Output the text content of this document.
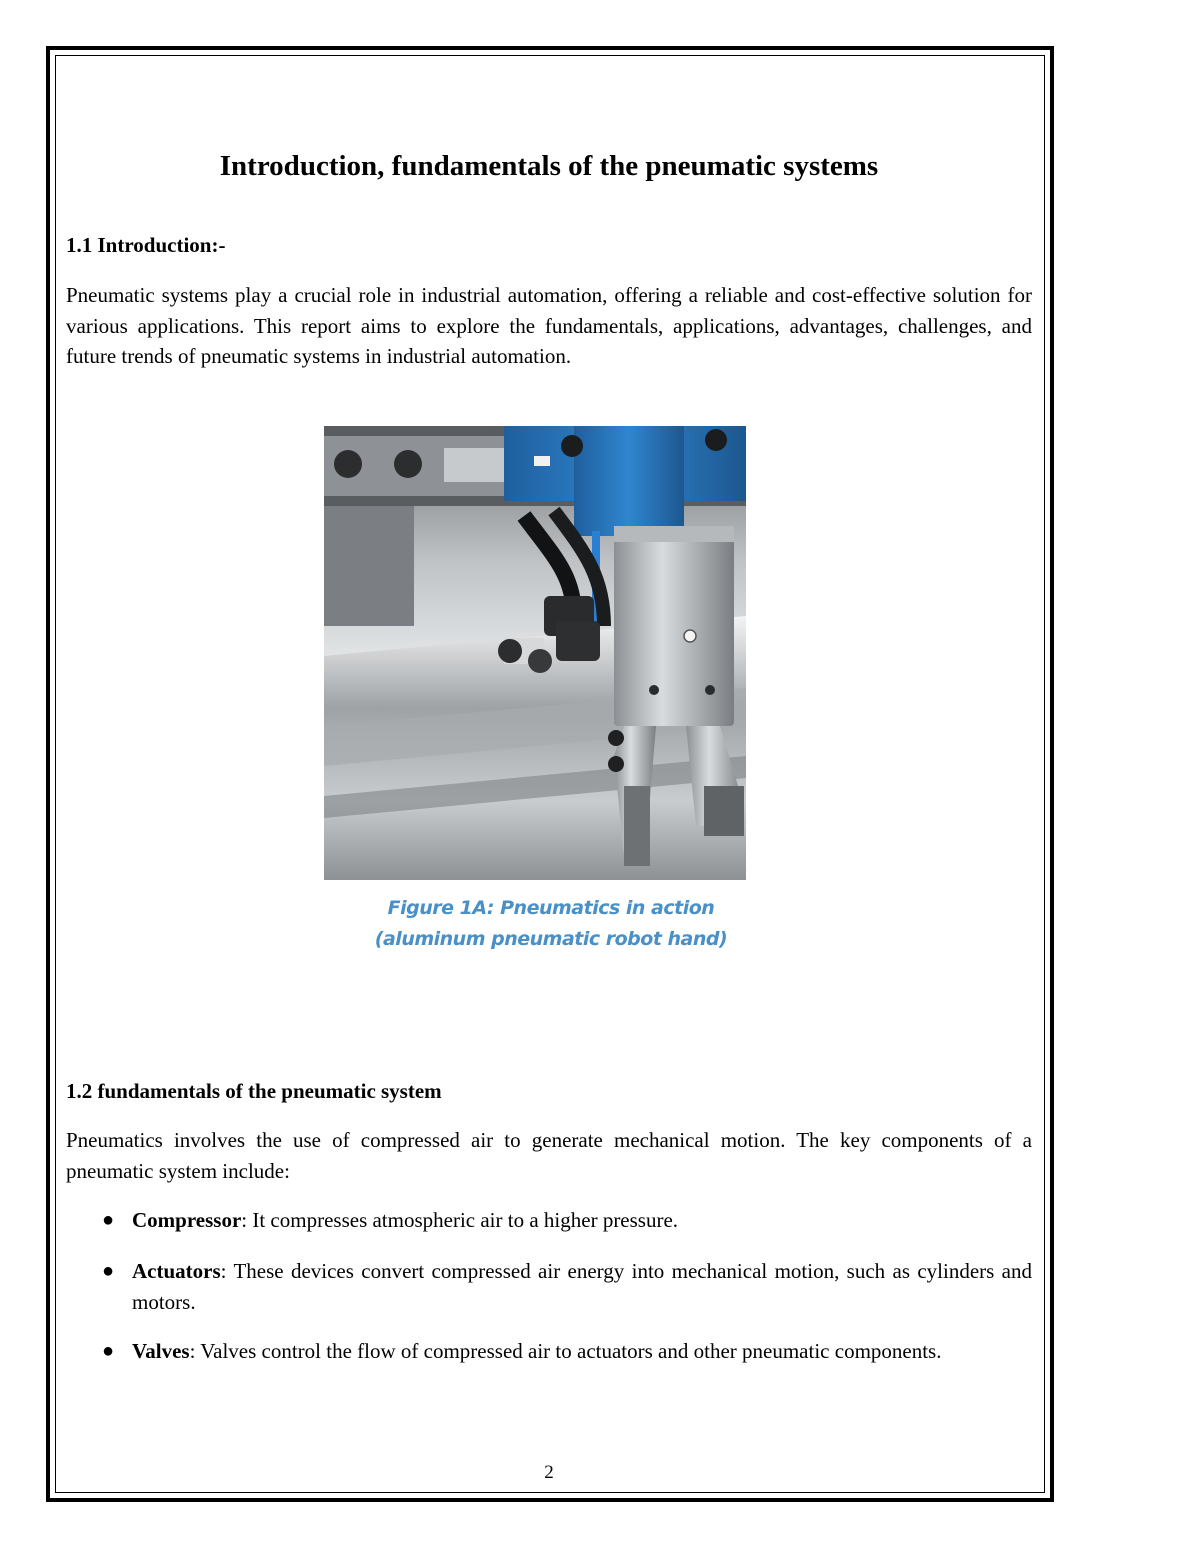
Introduction, fundamentals of the pneumatic systems
1.1 Introduction:-

Pneumatic systems play a crucial role in industrial automation, offering a reliable and cost-effective solution for various applications. This report aims to explore the fundamentals, applications, advantages, challenges, and future trends of pneumatic systems in industrial automation.

Figure 1A: Pneumatics in action
(aluminum pneumatic robot hand)
1.2 fundamentals of the pneumatic system

Pneumatics involves the use of compressed air to generate mechanical motion. The key components of a pneumatic system include:

● Compressor: It compresses atmospheric air to a higher pressure.
● Actuators: These devices convert compressed air energy into mechanical motion, such as cylinders and motors.
● Valves: Valves control the flow of compressed air to actuators and other pneumatic components.
2
